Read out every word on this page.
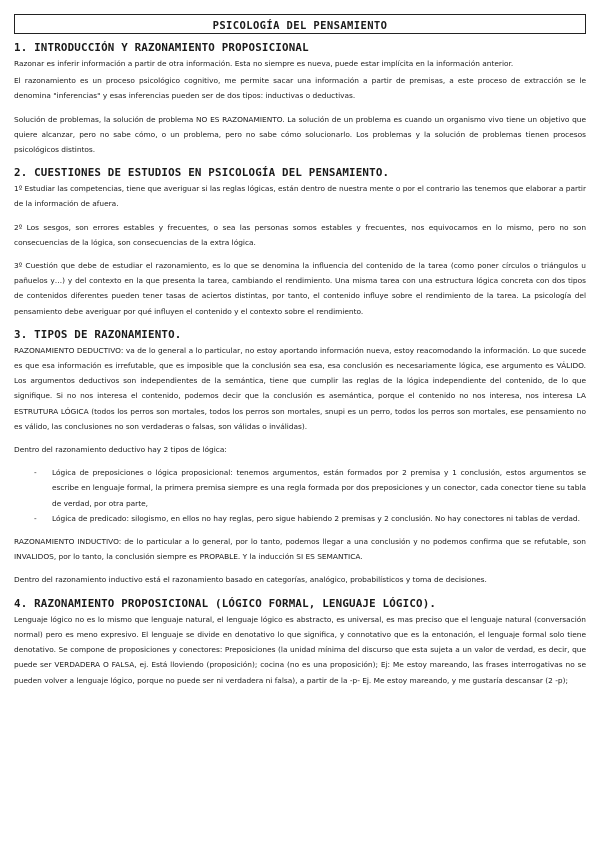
PSICOLOGÍA DEL PENSAMIENTO
1. INTRODUCCIÓN Y RAZONAMIENTO PROPOSICIONAL

Razonar es inferir información a partir de otra información. Esta no siempre es nueva, puede estar implícita en la información anterior.

El razonamiento es un proceso psicológico cognitivo, me permite sacar una información a partir de premisas, a este proceso de extracción se le denomina "inferencias" y esas inferencias pueden ser de dos tipos: inductivas o deductivas.

Solución de problemas, la solución de problema NO ES RAZONAMIENTO. La solución de un problema es cuando un organismo vivo tiene un objetivo que quiere alcanzar, pero no sabe cómo, o un problema, pero no sabe cómo solucionarlo. Los problemas y la solución de problemas tienen procesos psicológicos distintos.

2. CUESTIONES DE ESTUDIOS EN PSICOLOGÍA DEL PENSAMIENTO.

1º Estudiar las competencias, tiene que averiguar si las reglas lógicas, están dentro de nuestra mente o por el contrario las tenemos que elaborar a partir de la información de afuera.

2º Los sesgos, son errores estables y frecuentes, o sea las personas somos estables y frecuentes, nos equivocamos en lo mismo, pero no son consecuencias de la lógica, son consecuencias de la extra lógica.

3º Cuestión que debe de estudiar el razonamiento, es lo que se denomina la influencia del contenido de la tarea (como poner círculos o triángulos u pañuelos y…) y del contexto en la que presenta la tarea, cambiando el rendimiento. Una misma tarea con una estructura lógica concreta con dos tipos de contenidos diferentes pueden tener tasas de aciertos distintas, por tanto, el contenido influye sobre el rendimiento de la tarea. La psicología del pensamiento debe averiguar por qué influyen el contenido y el contexto sobre el rendimiento.

3. TIPOS DE RAZONAMIENTO.

RAZONAMIENTO DEDUCTIVO: va de lo general a lo particular, no estoy aportando información nueva, estoy reacomodando la información. Lo que sucede es que esa información es irrefutable, que es imposible que la conclusión sea esa, esa conclusión es necesariamente lógica, ese argumento es VÁLIDO. Los argumentos deductivos son independientes de la semántica, tiene que cumplir las reglas de la lógica independiente del contenido, de lo que signifique. Si no nos interesa el contenido, podemos decir que la conclusión es asemántica, porque el contenido no nos interesa, nos interesa LA ESTRUTURA LÓGICA (todos los perros son mortales, todos los perros son mortales, snupi es un perro, todos los perros son mortales, ese pensamiento no es válido, las conclusiones no son verdaderas o falsas, son válidas o inválidas).

Dentro del razonamiento deductivo hay 2 tipos de lógica:

- Lógica de preposiciones o lógica proposicional: tenemos argumentos, están formados por 2 premisa y 1 conclusión, estos argumentos se escribe en lenguaje formal, la primera premisa siempre es una regla formada por dos preposiciones y un conector, cada conector tiene su tabla de verdad, por otra parte,
- Lógica de predicado: silogismo, en ellos no hay reglas, pero sigue habiendo 2 premisas y 2 conclusión. No hay conectores ni tablas de verdad.

RAZONAMIENTO INDUCTIVO: de lo particular a lo general, por lo tanto, podemos llegar a una conclusión y no podemos confirma que se refutable, son INVALIDOS, por lo tanto, la conclusión siempre es PROPABLE. Y la inducción SI ES SEMANTICA.

Dentro del razonamiento inductivo está el razonamiento basado en categorías, analógico, probabilísticos y toma de decisiones.

4. RAZONAMIENTO PROPOSICIONAL (LÓGICO FORMAL, LENGUAJE LÓGICO).

Lenguaje lógico no es lo mismo que lenguaje natural, el lenguaje lógico es abstracto, es universal, es mas preciso que el lenguaje natural (conversación normal) pero es meno expresivo. El lenguaje se divide en denotativo lo que significa, y connotativo que es la entonación, el lenguaje formal solo tiene denotativo. Se compone de proposiciones y conectores: Preposiciones (la unidad mínima del discurso que esta sujeta a un valor de verdad, es decir, que puede ser VERDADERA O FALSA, ej. Está lloviendo (proposición); cocina (no es una proposición); Ej: Me estoy mareando, las frases interrogativas no se pueden volver a lenguaje lógico, porque no puede ser ni verdadera ni falsa), a partir de la -p- Ej. Me estoy mareando, y me gustaría descansar (2 -p);
